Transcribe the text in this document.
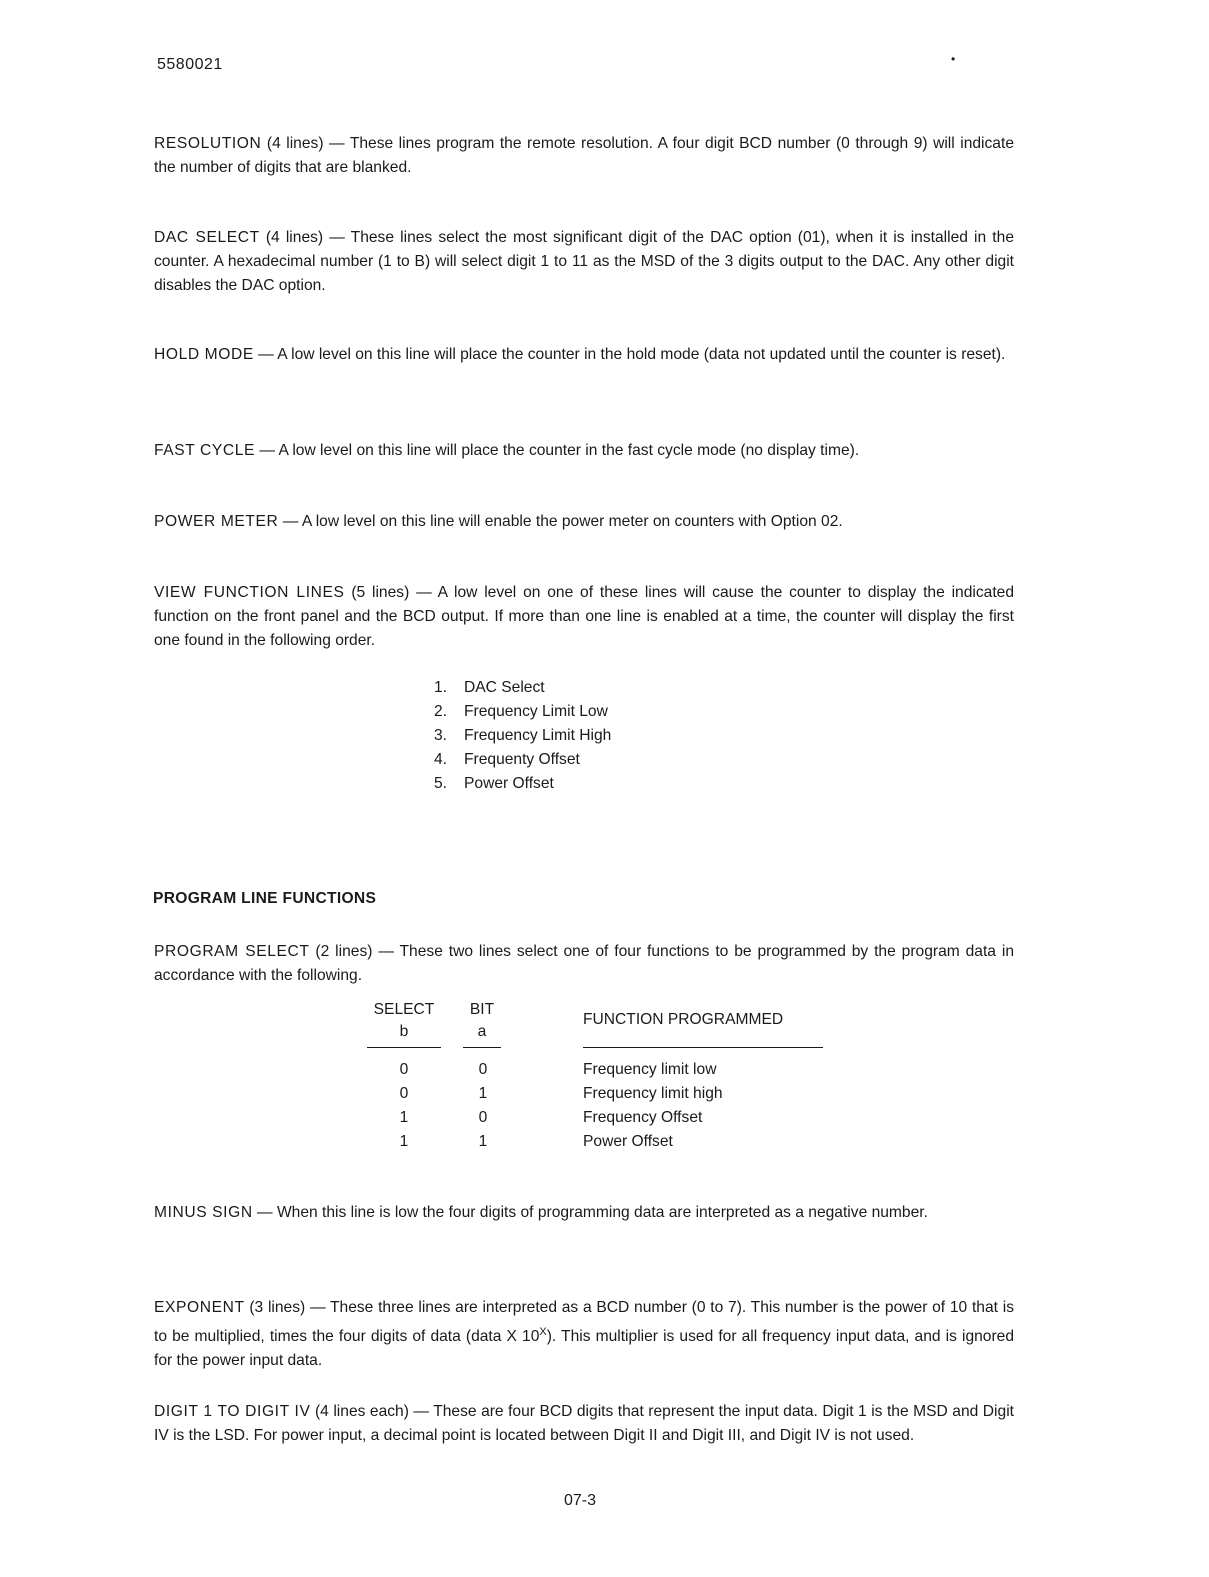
5580021	•
RESOLUTION (4 lines) — These lines program the remote resolution. A four digit BCD number (0 through 9) will indicate the number of digits that are blanked.
DAC SELECT (4 lines) — These lines select the most significant digit of the DAC option (01), when it is installed in the counter. A hexadecimal number (1 to B) will select digit 1 to 11 as the MSD of the 3 digits output to the DAC. Any other digit disables the DAC option.
HOLD MODE — A low level on this line will place the counter in the hold mode (data not updated until the counter is reset).
FAST CYCLE — A low level on this line will place the counter in the fast cycle mode (no display time).
POWER METER — A low level on this line will enable the power meter on counters with Option 02.
VIEW FUNCTION LINES (5 lines) — A low level on one of these lines will cause the counter to display the indicated function on the front panel and the BCD output. If more than one line is enabled at a time, the counter will display the first one found in the following order.
1. DAC Select
2. Frequency Limit Low
3. Frequency Limit High
4. Frequenty Offset
5. Power Offset
PROGRAM LINE FUNCTIONS
PROGRAM SELECT (2 lines) — These two lines select one of four functions to be programmed by the program data in accordance with the following.
SELECT
b
BIT
a
FUNCTION PROGRAMMED
0
0
1
1
0
1
0
1
Frequency limit low
Frequency limit high
Frequency Offset
Power Offset
MINUS SIGN — When this line is low the four digits of programming data are interpreted as a negative number.
EXPONENT (3 lines) — These three lines are interpreted as a BCD number (0 to 7). This number is the power of 10 that is to be multiplied, times the four digits of data (data X $10^X$). This multiplier is used for all frequency input data, and is ignored for the power input data.
DIGIT 1 TO DIGIT IV (4 lines each) — These are four BCD digits that represent the input data. Digit 1 is the MSD and Digit IV is the LSD. For power input, a decimal point is located between Digit II and Digit III, and Digit IV is not used.
07-3
